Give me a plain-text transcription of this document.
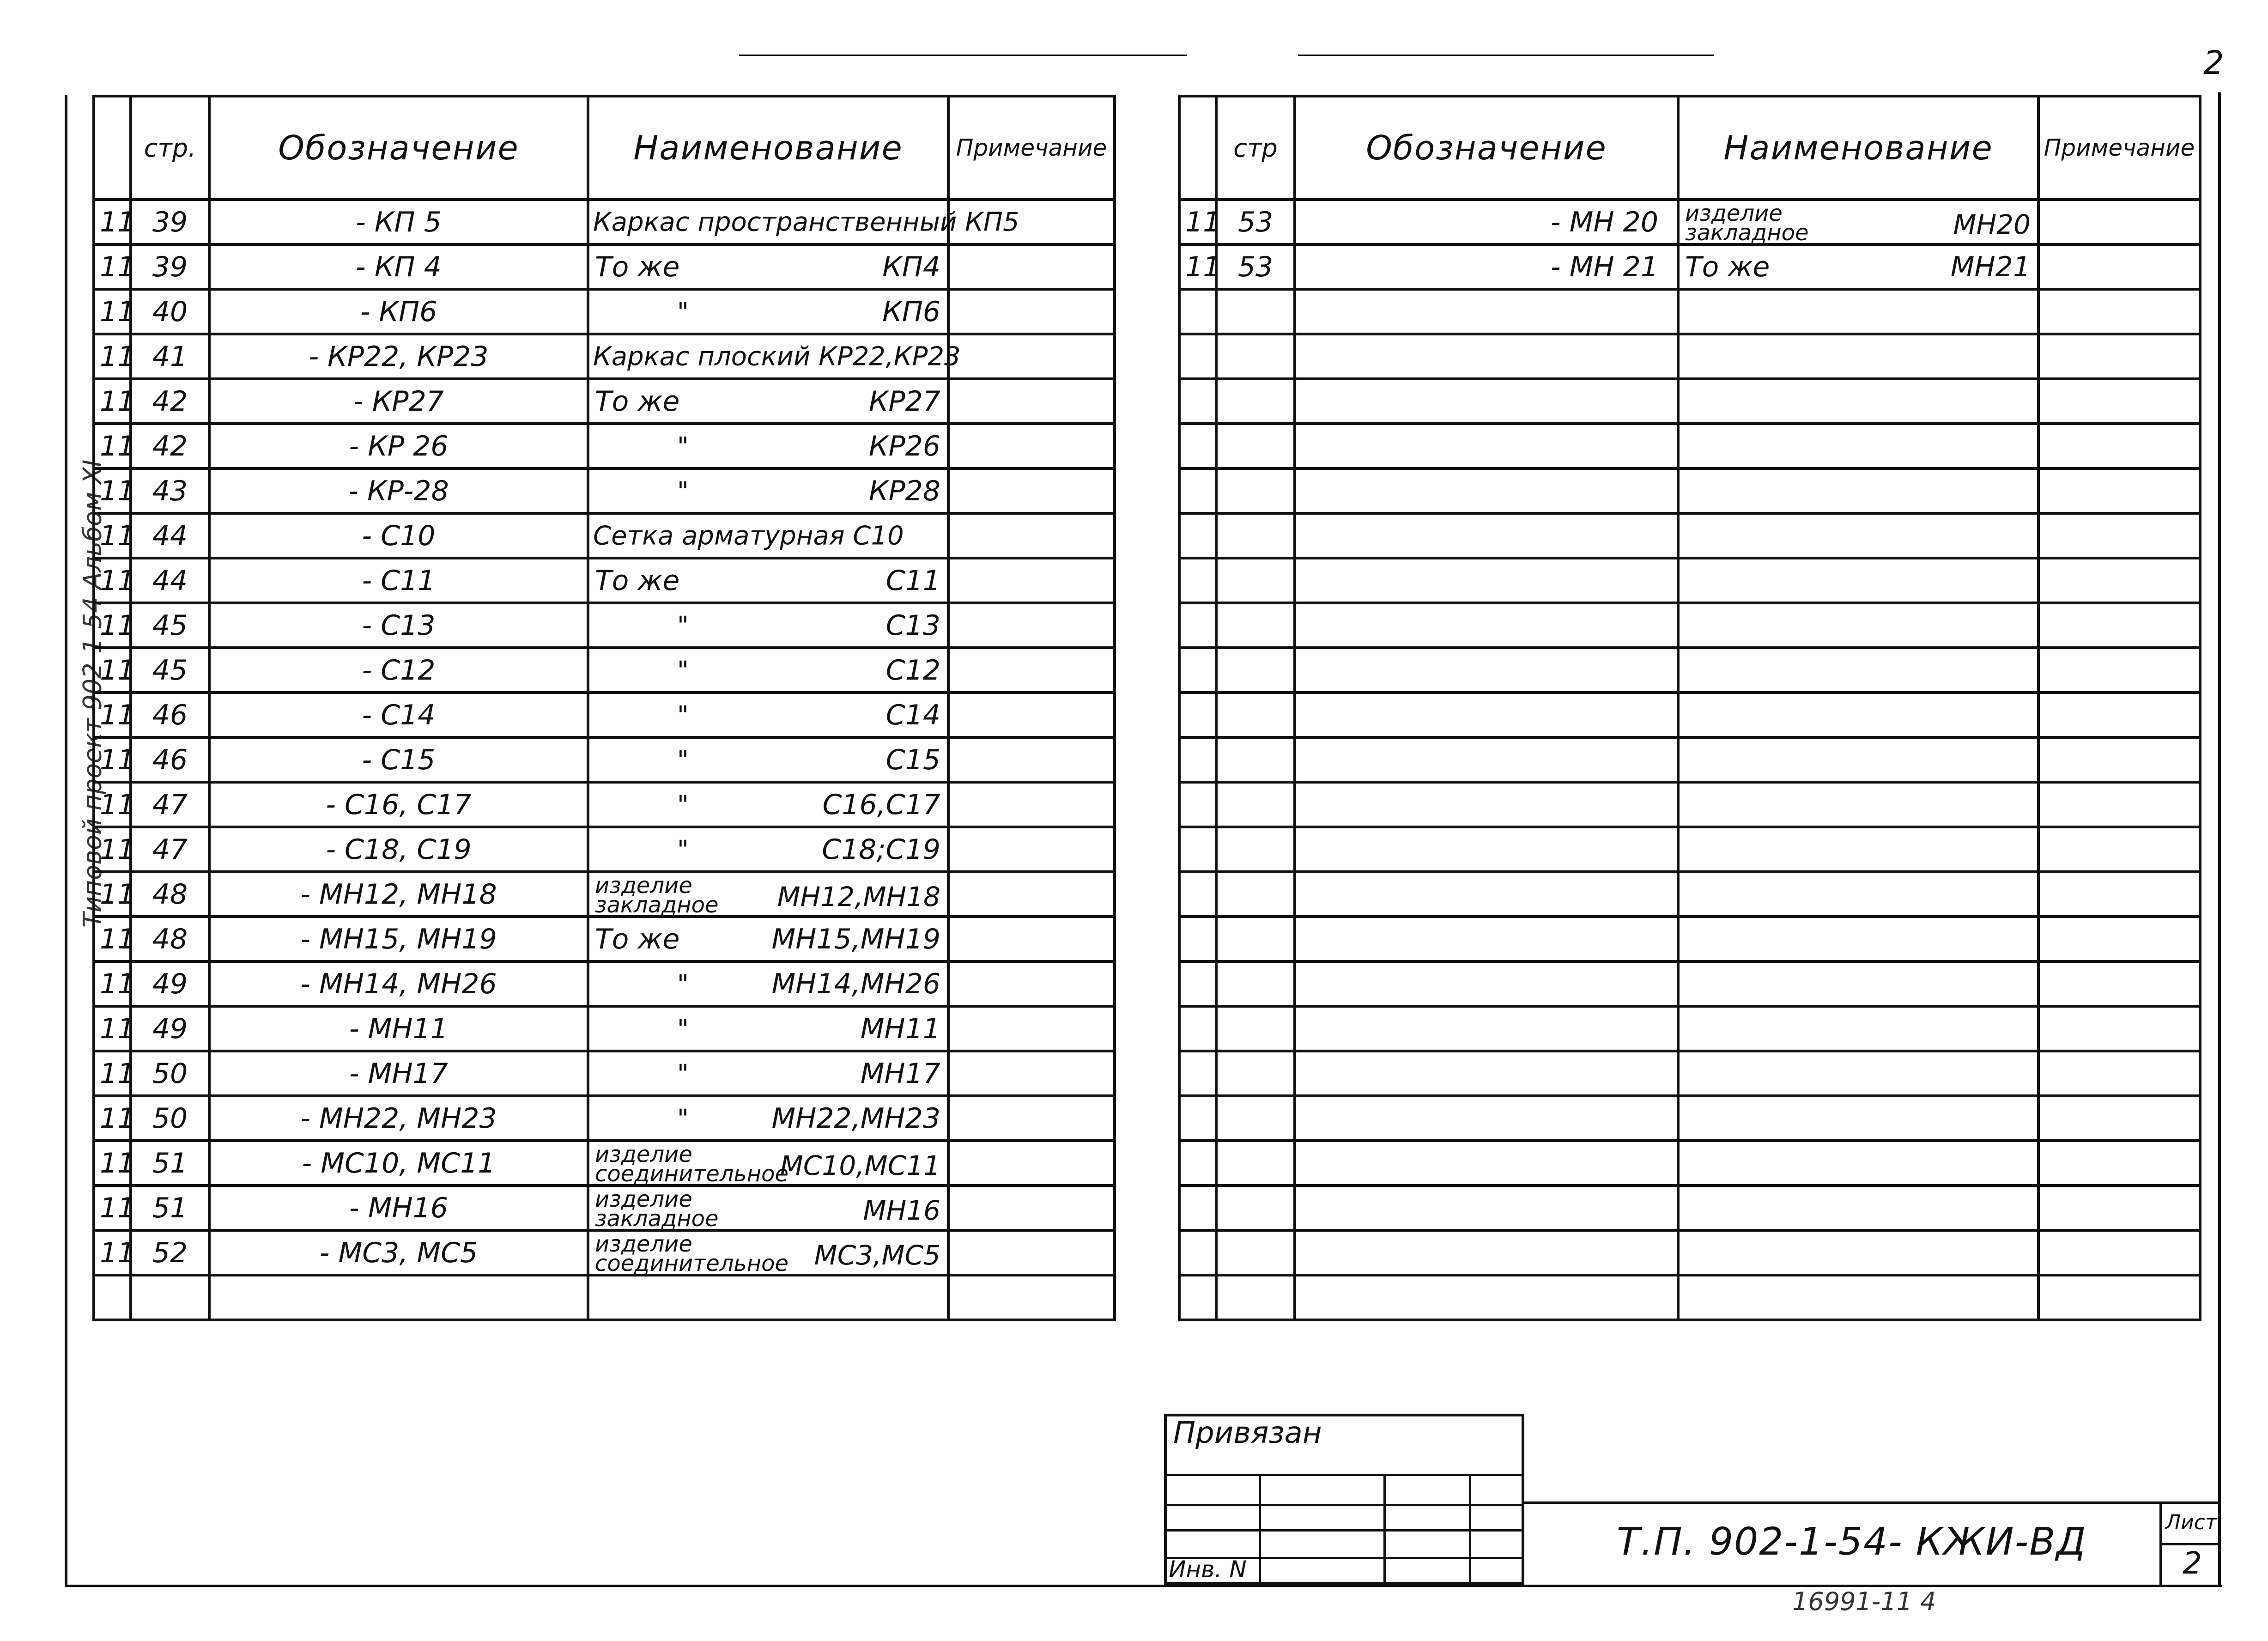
2
Типовой проект 902-1-54 Альбом XI
	стр.	Обозначение	Наименование	Примечание
11	39	- КП 5	Каркас пространственный КП5	

11	39	- КП 4	То же КП4	

11	40	- КП6	" КП6	

11	41	- КР22, КР23	Каркас плоский КР22,КР23	

11	42	- КР27	То же КР27	

11	42	- КР 26	" КР26	

11	43	- КР-28	" КР28	

11	44	- С10	Сетка арматурная С10	

11	44	- С11	То же С11	

11	45	- С13	" С13	

11	45	- С12	" С12	

11	46	- С14	" С14	

11	46	- С15	" С15	

11	47	- С16, С17	" С16,С17	

11	47	- С18, С19	" С18;С19	

11	48	- МН12, МН18	изделие
закладное МН12,МН18	

11	48	- МН15, МН19	То же МН15,МН19	

11	49	- МН14, МН26	" МН14,МН26	

11	49	- МН11	" МН11	

11	50	- МН17	" МН17	

11	50	- МН22, МН23	" МН22,МН23	

11	51	- МС10, МС11	изделие
соединительное
МС10,МС11	

11	51	- МН16	изделие
закладное МН16	

11	52	- МС3, МС5	изделие
соединительное МС3,МС5	

	стр	Обозначение	Наименование	Примечание
11	53	- МН 20	изделие
закладное МН20	

11	53	- МН 21	То же МН21	

Привязан
Инв. N
Т.П. 902-1-54- КЖИ-ВД	Лист
2
16991-11 4
